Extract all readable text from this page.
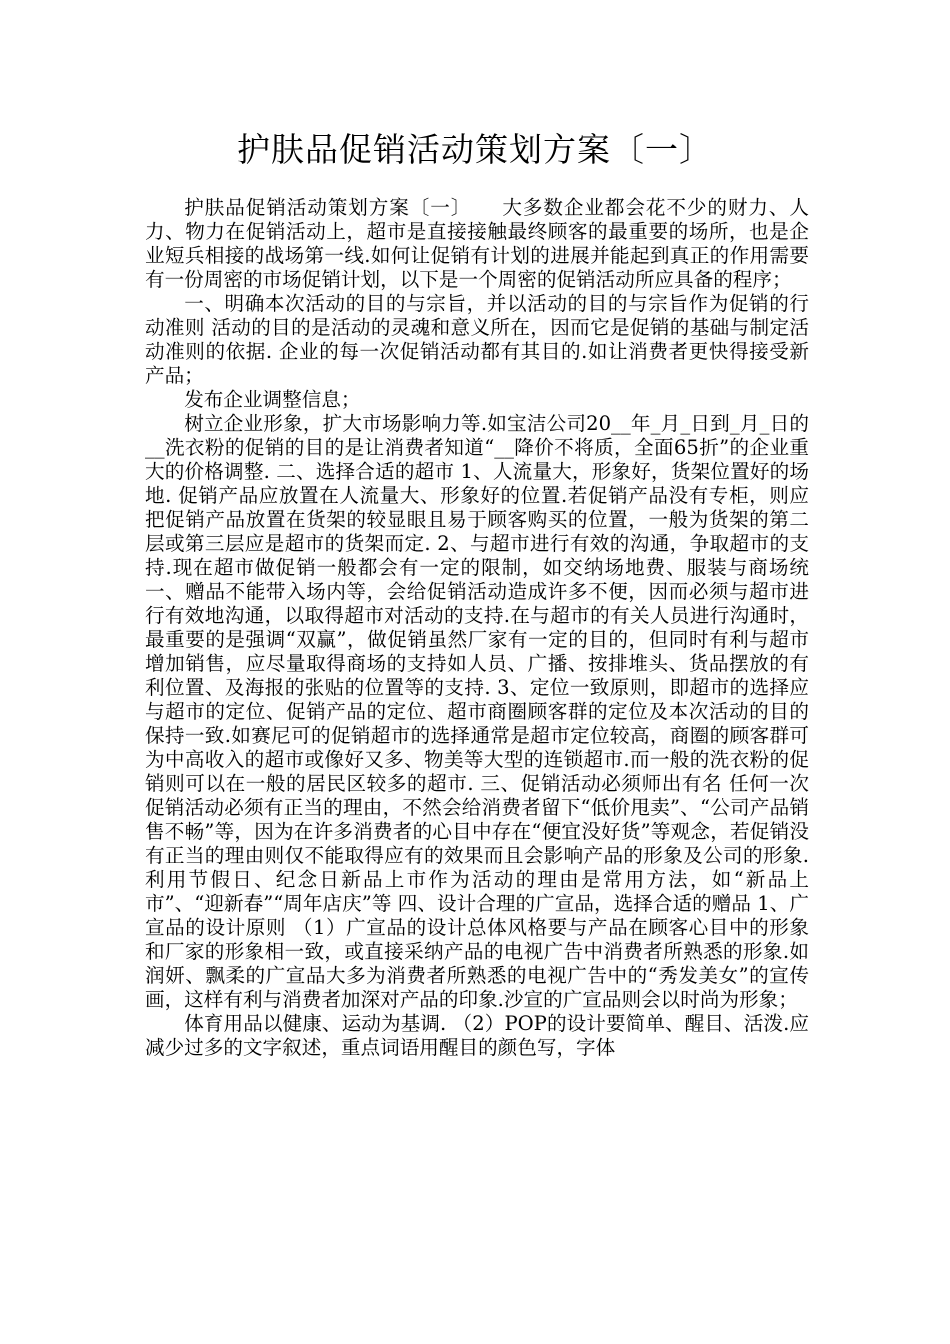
护肤品促销活动策划方案〔一〕

护肤品促销活动策划方案〔一〕　　大多数企业都会花不少的财力、人力、物力在促销活动上，超市是直接接触最终顾客的最重要的场所，也是企业短兵相接的战场第一线.如何让促销有计划的进展并能起到真正的作用需要有一份周密的市场促销计划，以下是一个周密的促销活动所应具备的程序；

一、明确本次活动的目的与宗旨，并以活动的目的与宗旨作为促销的行动准则 活动的目的是活动的灵魂和意义所在，因而它是促销的基础与制定活动准则的依据. 企业的每一次促销活动都有其目的.如让消费者更快得接受新产品；

发布企业调整信息；

树立企业形象，扩大市场影响力等.如宝洁公司20__年_月_日到_月_日的__洗衣粉的促销的目的是让消费者知道“__降价不将质，全面65折”的企业重大的价格调整. 二、选择合适的超市 1、人流量大，形象好，货架位置好的场地. 促销产品应放置在人流量大、形象好的位置.若促销产品没有专柜，则应把促销产品放置在货架的较显眼且易于顾客购买的位置，一般为货架的第二层或第三层应是超市的货架而定. 2、与超市进行有效的沟通，争取超市的支持.现在超市做促销一般都会有一定的限制，如交纳场地费、服装与商场统一、赠品不能带入场内等，会给促销活动造成许多不便，因而必须与超市进行有效地沟通，以取得超市对活动的支持.在与超市的有关人员进行沟通时，最重要的是强调“双赢”，做促销虽然厂家有一定的目的，但同时有利与超市增加销售，应尽量取得商场的支持如人员、广播、按排堆头、货品摆放的有利位置、及海报的张贴的位置等的支持. 3、定位一致原则，即超市的选择应与超市的定位、促销产品的定位、超市商圈顾客群的定位及本次活动的目的保持一致.如赛尼可的促销超市的选择通常是超市定位较高，商圈的顾客群可为中高收入的超市或像好又多、物美等大型的连锁超市.而一般的洗衣粉的促销则可以在一般的居民区较多的超市. 三、促销活动必须师出有名 任何一次促销活动必须有正当的理由，不然会给消费者留下“低价甩卖”、“公司产品销售不畅”等，因为在许多消费者的心目中存在“便宜没好货”等观念，若促销没有正当的理由则仅不能取得应有的效果而且会影响产品的形象及公司的形象.利用节假日、纪念日新品上市作为活动的理由是常用方法，如“新品上市”、“迎新春”“周年店庆”等 四、设计合理的广宣品，选择合适的赠品 1、广宣品的设计原则 （1）广宣品的设计总体风格要与产品在顾客心目中的形象和厂家的形象相一致，或直接采纳产品的电视广告中消费者所熟悉的形象.如润妍、飘柔的广宣品大多为消费者所熟悉的电视广告中的“秀发美女”的宣传画，这样有利与消费者加深对产品的印象.沙宣的广宣品则会以时尚为形象；

体育用品以健康、运动为基调. （2）POP的设计要简单、醒目、活泼.应减少过多的文字叙述，重点词语用醒目的颜色写，字体
